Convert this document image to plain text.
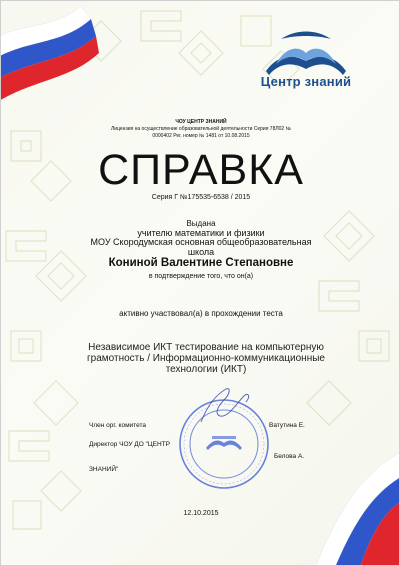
Центр знаний
ЧОУ ЦЕНТР ЗНАНИЙ
Лицензия на осуществление образовательной деятельности Серия 78Л02 №
0000402 Рег. номер № 1481 от 10.08.2015
СПРАВКА
Серия Г №175535-6538 / 2015
Выдана
учителю математики и физики
МОУ Скородумская основная общеобразовательная
школа
Кониной Валентине Степановне
в подтверждение того, что он(а)
активно участвовал(а) в прохождении теста
Независимое ИКТ тестирование на компьютерную
грамотность / Информационно-коммуникационные
технологии (ИКТ)
Член орг. комитета	Ватутина Е.
Директор ЧОУ ДО "ЦЕНТР
ЗНАНИЙ"
Белова А.
12.10.2015
